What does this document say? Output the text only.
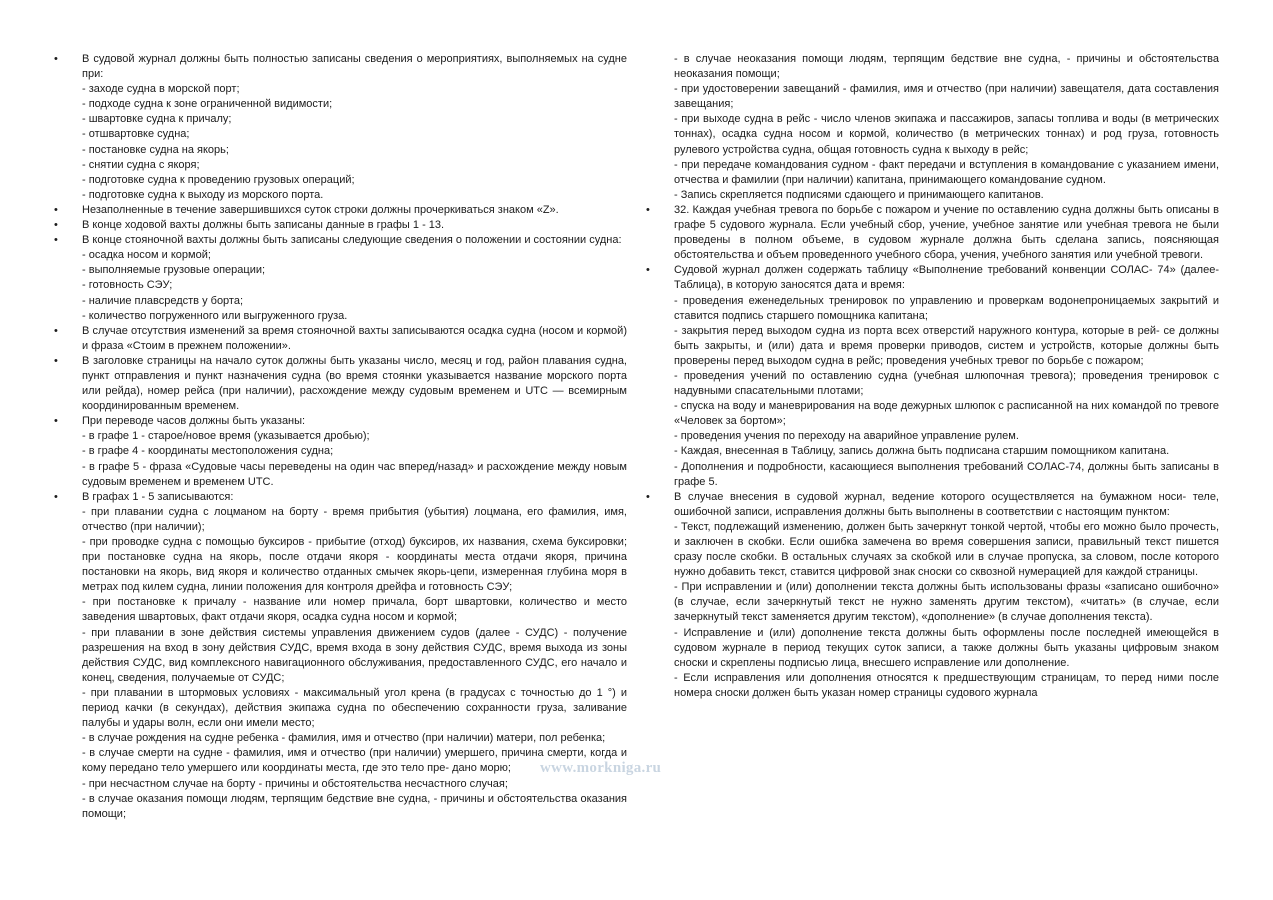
• В судовой журнал должны быть полностью записаны сведения о мероприятиях, выполняемых на судне при:
- заходе судна в морской порт;
- подходе судна к зоне ограниченной видимости;
- швартовке судна к причалу;
- отшвартовке судна;
- постановке судна на якорь;
- снятии судна с якоря;
- подготовке судна к проведению грузовых операций;
- подготовке судна к выходу из морского порта.
• Незаполненные в течение завершившихся суток строки должны прочеркиваться знаком «Z».
• В конце ходовой вахты должны быть записаны данные в графы 1 - 13.
• В конце стояночной вахты должны быть записаны следующие сведения о положении и состоянии судна:
- осадка носом и кормой;
- выполняемые грузовые операции;
- готовность СЭУ;
- наличие плавсредств у борта;
- количество погруженного или выгруженного груза.
• В случае отсутствия изменений за время стояночной вахты записываются осадка судна (носом и кормой) и фраза «Стоим в прежнем положении».
• В заголовке страницы на начало суток должны быть указаны число, месяц и год, район плавания судна, пункт отправления и пункт назначения судна (во время стоянки указывается название морского порта или рейда), номер рейса (при наличии), расхождение между судовым временем и UTC — всемирным координированным временем.
• При переводе часов должны быть указаны:
- в графе 1 - старое/новое время (указывается дробью);
- в графе 4 - координаты местоположения судна;
- в графе 5 - фраза «Судовые часы переведены на один час вперед/назад» и расхождение между новым судовым временем и временем UTC.
• В графах 1 - 5 записываются:
- при плавании судна с лоцманом на борту - время прибытия (убытия) лоцмана, его фамилия, имя, отчество (при наличии);
- при проводке судна с помощью буксиров - прибытие (отход) буксиров, их названия, схема буксировки; при постановке судна на якорь, после отдачи якоря - координаты места отдачи якоря, причина постановки на якорь, вид якоря и количество отданных смычек якорь-цепи, измеренная глубина моря в метрах под килем судна, линии положения для контроля дрейфа и готовность СЭУ;
- при постановке к причалу - название или номер причала, борт швартовки, количество и место заведения швартовых, факт отдачи якоря, осадка судна носом и кормой;
- при плавании в зоне действия системы управления движением судов (далее - СУДС) - получение разрешения на вход в зону действия СУДС, время входа в зону действия СУДС, время выхода из зоны действия СУДС, вид комплексного навигационного обслуживания, предоставленного СУДС, его начало и конец, сведения, получаемые от СУДС;
- при плавании в штормовых условиях - максимальный угол крена (в градусах с точностью до 1 °) и период качки (в секундах), действия экипажа судна по обеспечению сохранности груза, заливание палубы и удары волн, если они имели место;
- в случае рождения на судне ребенка - фамилия, имя и отчество (при наличии) матери, пол ребенка;
- в случае смерти на судне - фамилия, имя и отчество (при наличии) умершего, причина смерти, когда и кому передано тело умершего или координаты места, где это тело пре- дано морю;
- при несчастном случае на борту - причины и обстоятельства несчастного случая;
- в случае оказания помощи людям, терпящим бедствие вне судна, - причины и обстоятельства оказания помощи;
- в случае неоказания помощи людям, терпящим бедствие вне судна, - причины и обстоятельства неоказания помощи;
- при удостоверении завещаний - фамилия, имя и отчество (при наличии) завещателя, дата составления завещания;
- при выходе судна в рейс - число членов экипажа и пассажиров, запасы топлива и воды (в метрических тоннах), осадка судна носом и кормой, количество (в метрических тоннах) и род груза, готовность рулевого устройства судна, общая готовность судна к выходу в рейс;
- при передаче командования судном - факт передачи и вступления в командование с указанием имени, отчества и фамилии (при наличии) капитана, принимающего командование судном.
- Запись скрепляется подписями сдающего и принимающего капитанов.
• 32. Каждая учебная тревога по борьбе с пожаром и учение по оставлению судна должны быть описаны в графе 5 судового журнала. Если учебный сбор, учение, учебное занятие или учебная тревога не были проведены в полном объеме, в судовом журнале должна быть сделана запись, поясняющая обстоятельства и объем проведенного учебного сбора, учения, учебного занятия или учебной тревоги.
• Судовой журнал должен содержать таблицу «Выполнение требований конвенции СОЛАС- 74» (далее- Таблица), в которую заносятся дата и время:
- проведения еженедельных тренировок по управлению и проверкам водонепроницаемых закрытий и ставится подпись старшего помощника капитана;
- закрытия перед выходом судна из порта всех отверстий наружного контура, которые в рей- се должны быть закрыты, и (или) дата и время проверки приводов, систем и устройств, которые должны быть проверены перед выходом судна в рейс; проведения учебных тревог по борьбе с пожаром;
- проведения учений по оставлению судна (учебная шлюпочная тревога); проведения тренировок с надувными спасательными плотами;
- спуска на воду и маневрирования на воде дежурных шлюпок с расписанной на них командой по тревоге «Человек за бортом»;
- проведения учения по переходу на аварийное управление рулем.
- Каждая, внесенная в Таблицу, запись должна быть подписана старшим помощником капитана.
- Дополнения и подробности, касающиеся выполнения требований СОЛАС-74, должны быть записаны в графе 5.
• В случае внесения в судовой журнал, ведение которого осуществляется на бумажном носи- теле, ошибочной записи, исправления должны быть выполнены в соответствии с настоящим пунктом:
- Текст, подлежащий изменению, должен быть зачеркнут тонкой чертой, чтобы его можно было прочесть, и заключен в скобки. Если ошибка замечена во время совершения записи, правильный текст пишется сразу после скобки. В остальных случаях за скобкой или в случае пропуска, за словом, после которого нужно добавить текст, ставится цифровой знак сноски со сквозной нумерацией для каждой страницы.
- При исправлении и (или) дополнении текста должны быть использованы фразы «записано ошибочно» (в случае, если зачеркнутый текст не нужно заменять другим текстом), «читать» (в случае, если зачеркнутый текст заменяется другим текстом), «дополнение» (в случае дополнения текста).
- Исправление и (или) дополнение текста должны быть оформлены после последней имеющейся в судовом журнале в период текущих суток записи, а также должны быть указаны цифровым знаком сноски и скреплены подписью лица, внесшего исправление или дополнение.
- Если исправления или дополнения относятся к предшествующим страницам, то перед ними после номера сноски должен быть указан номер страницы судового журнала
www.morkniga.ru
